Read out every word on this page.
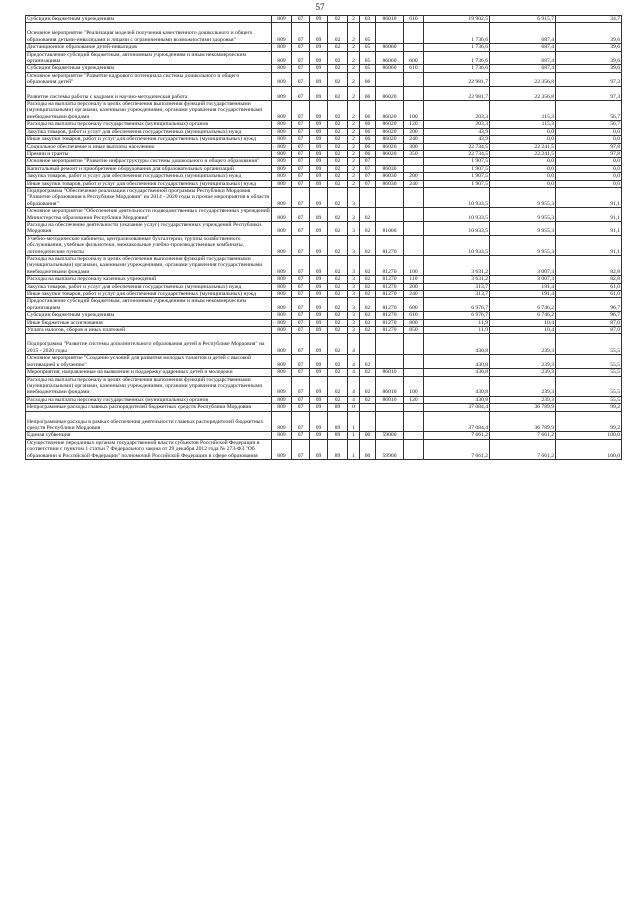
57
Субсидии бюджетным учреждениям	809	07	09	02	2	03	86010	610	19 902,5	6 915,7	34,7
Основное мероприятие "Реализация моделей получения качественного дошкольного и общего образования детьми-инвалидами и лицами с ограниченными возможностями здоровья"	809	07	09	02	2	05			1 736,6	687,4	39,6
Дистанционное образование детей-инвалидов	809	07	09	02	2	05	86060		1 736,6	687,4	39,6
Предоставление субсидий бюджетным, автономным учреждениям и иным некоммерческим организациям	809	07	09	02	2	05	86060	600	1 736,6	687,4	39,6
Субсидии бюджетным учреждениям	809	07	09	02	2	05	86060	610	1 736,6	687,4	39,6
Основное мероприятие "Развитие кадрового потенциала системы дошкольного и общего образования детей"	809	07	09	02	2	06			22 981,7	22 356,8	97,3
Развитие системы работы с кадрами и научно-методическая работа	809	07	09	02	2	06	86020		22 981,7	22 356,8	97,3
Расходы на выплаты персоналу в целях обеспечения выполнения функций государственными (муниципальными) органами, казенными учреждениями, органами управления государственными внебюджетными фондами	809	07	09	02	2	06	86020	100	203,3	115,3	56,7
Расходы на выплаты персоналу государственных (муниципальных) органов	809	07	09	02	2	06	86020	120	203,3	115,3	56,7
Закупка товаров, работ и услуг для обеспечения государственных (муниципальных) нужд	809	07	09	02	2	06	86020	200	43,9	0,0	0,0
Иные закупки товаров, работ и услуг для обеспечения государственных (муниципальных) нужд	809	07	09	02	2	06	86020	240	43,9	0,0	0,0
Социальное обеспечение и иные выплаты населению	809	07	09	02	2	06	86020	300	22 734,5	22 241,5	97,8
Премии и гранты	809	07	09	02	2	06	86020	350	22 734,5	22 241,5	97,8
Основное мероприятие "Развитие инфраструктуры системы дошкольного и общего образования"	809	07	09	02	2	07			1 907,5	0,0	0,0
Капитальный ремонт и приобретение оборудования для образовательных организаций	809	07	09	02	2	07	86030		1 907,5	0,0	0,0
Закупка товаров, работ и услуг для обеспечения государственных (муниципальных) нужд	809	07	09	02	2	07	86030	200	1 907,5	0,0	0,0
Иные закупки товаров, работ и услуг для обеспечения государственных (муниципальных) нужд	809	07	09	02	2	07	86030	240	1 907,5	0,0	0,0
Подпрограмма "Обеспечение реализации государственной программы Республики Мордовия "Развитие образования в Республике Мордовия" на 2014 - 2020 годы и прочие мероприятия в области образования"	809	07	09	02	3				10 933,5	9 955,3	91,1
Основное мероприятие "Обеспечение деятельности подведомственных государственных учреждений Министерства образования Республики Мордовия"	809	07	09	02	3	02			10 933,5	9 955,3	91,1
Расходы на обеспечение деятельности (оказание услуг) государственных учреждений Республики Мордовия	809	07	09	02	3	02	81000		10 933,5	9 955,3	91,1
Учебно-методические кабинеты, централизованные бухгалтерии, группы хозяйственного обслуживания, учебные фильмотеки, межшкольные учебно-производственные комбинаты, логопедические пункты	809	07	09	02	3	02	81270		10 933,5	9 955,3	91,1
Расходы на выплаты персоналу в целях обеспечения выполнения функций государственными (муниципальными) органами, казенными учреждениями, органами управления государственными внебюджетными фондами	809	07	09	02	3	02	81270	100	3 631,2	3 007,3	82,8
Расходы на выплаты персоналу казенных учреждений	809	07	09	02	3	02	81270	110	3 631,2	3 007,3	82,8
Закупка товаров, работ и услуг для обеспечения государственных (муниципальных) нужд	809	07	09	02	3	02	81270	200	313,7	191,4	61,0
Иные закупки товаров, работ и услуг для обеспечения государственных (муниципальных) нужд	809	07	09	02	3	02	81270	240	313,7	191,4	61,0
Предоставление субсидий бюджетным, автономным учреждениям и иным некоммерческим организациям	809	07	09	02	3	02	81270	600	6 976,7	6 746,2	96,7
Субсидии бюджетным учреждениям	809	07	09	02	3	02	81270	610	6 976,7	6 746,2	96,7
Иные бюджетные ассигнования	809	07	09	02	3	02	81270	800	11,9	10,4	87,0
Уплата налогов, сборов и иных платежей	809	07	09	02	3	02	81270	850	11,9	10,4	87,0
Подпрограмма "Развитие системы дополнительного образования детей в Республике Мордовия" на 2015 - 2020 годы	809	07	09	02	4				430,8	239,3	55,5
Основное мероприятие "Создание условий для развития молодых талантов и детей с высокой мотивацией к обучению"	809	07	09	02	4	02			430,8	239,3	55,5
Мероприятия, направленные на выявление и поддержку одаренных детей и молодежи	809	07	09	02	4	02	86010		430,8	239,3	55,5
Расходы на выплаты персоналу в целях обеспечения выполнения функций государственными (муниципальными) органами, казенными учреждениями, органами управления государственными внебюджетными фондами	809	07	09	02	4	02	86010	100	430,8	239,3	55,5
Расходы на выплаты персоналу государственных (муниципальных) органов	809	07	09	02	4	02	86010	120	430,8	239,3	55,5
Непрограммные расходы главных распорядителей бюджетных средств Республики Мордовия	809	07	09	89	0				37 084,4	36 789,9	99,2
Непрограммные расходы в рамках обеспечения деятельности главных распорядителей бюджетных средств Республики Мордовия	809	07	09	89	1				37 084,4	36 789,9	99,2
Единая субвенция	809	07	09	89	1	00	59000		7 661,2	7 661,2	100,0
Осуществление переданных органам государственной власти субъектов Российской Федерации в соответствии с пунктом 1 статьи 7 Федерального закона от 29 декабря 2012 года № 273-ФЗ "Об образовании в Российской Федерации" полномочий Российской Федерации в сфере образования	809	07	09	89	1	00	59900		7 661,2	7 661,2	100,0
